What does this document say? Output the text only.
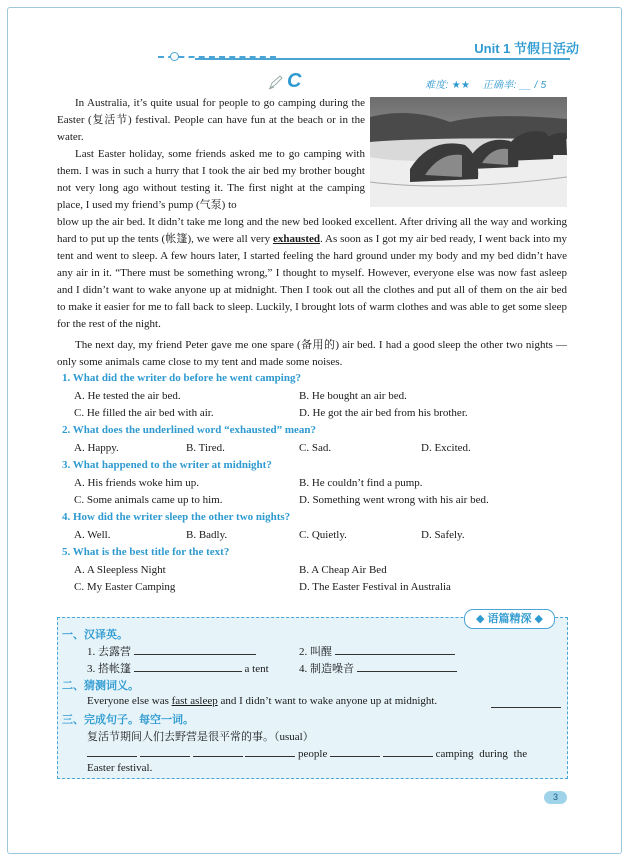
Unit 1 节假日活动
C	难度: ★★ 正确率: __ / 5
In Australia, it’s quite usual for people to go camping during the Easter (复活节) festival. People can have fun at the beach or in the water.
Last Easter holiday, some friends asked me to go camping with them. I was in such a hurry that I took the air bed my brother bought not very long ago without testing it. The first night at the camping place, I used my friend’s pump (气泵) to
blow up the air bed. It didn’t take me long and the new bed looked excellent. After driving all the way and working hard to put up the tents (帐篷), we were all very exhausted. As soon as I got my air bed ready, I went back into my tent and went to sleep. A few hours later, I started feeling the hard ground under my body and my bed didn’t have any air in it. “There must be something wrong,” I thought to myself. However, everyone else was now fast asleep and I didn’t want to wake anyone up at midnight. Then I took out all the clothes and put all of them on the air bed to make it easier for me to fall back to sleep. Luckily, I brought lots of warm clothes and was able to get some sleep for the rest of the night.
The next day, my friend Peter gave me one spare (备用的) air bed. I had a good sleep the other two nights — only some animals came close to my tent and made some noises.
1. What did the writer do before he went camping?
A. He tested the air bed.	B. He bought an air bed.
C. He filled the air bed with air.	D. He got the air bed from his brother.
2. What does the underlined word “exhausted” mean?
A. Happy.	B. Tired.	C. Sad.	D. Excited.
3. What happened to the writer at midnight?
A. His friends woke him up.	B. He couldn’t find a pump.
C. Some animals came up to him.	D. Something went wrong with his air bed.
4. How did the writer sleep the other two nights?
A. Well.	B. Badly.	C. Quietly.	D. Safely.
5. What is the best title for the text?
A. A Sleepless Night	B. A Cheap Air Bed
C. My Easter Camping	D. The Easter Festival in Australia
◆ 语篇精深 ◆
一、汉译英。
1. 去露营	2. 叫醒
3. 搭帐篷	a tent	4. 制造噪音
二、猜测词义。
Everyone else was fast asleep and I didn’t want to wake anyone up at midnight.
三、完成句子。每空一词。
复活节期间人们去野营是很平常的事。（usual）
people	camping during the
Easter festival.
3
